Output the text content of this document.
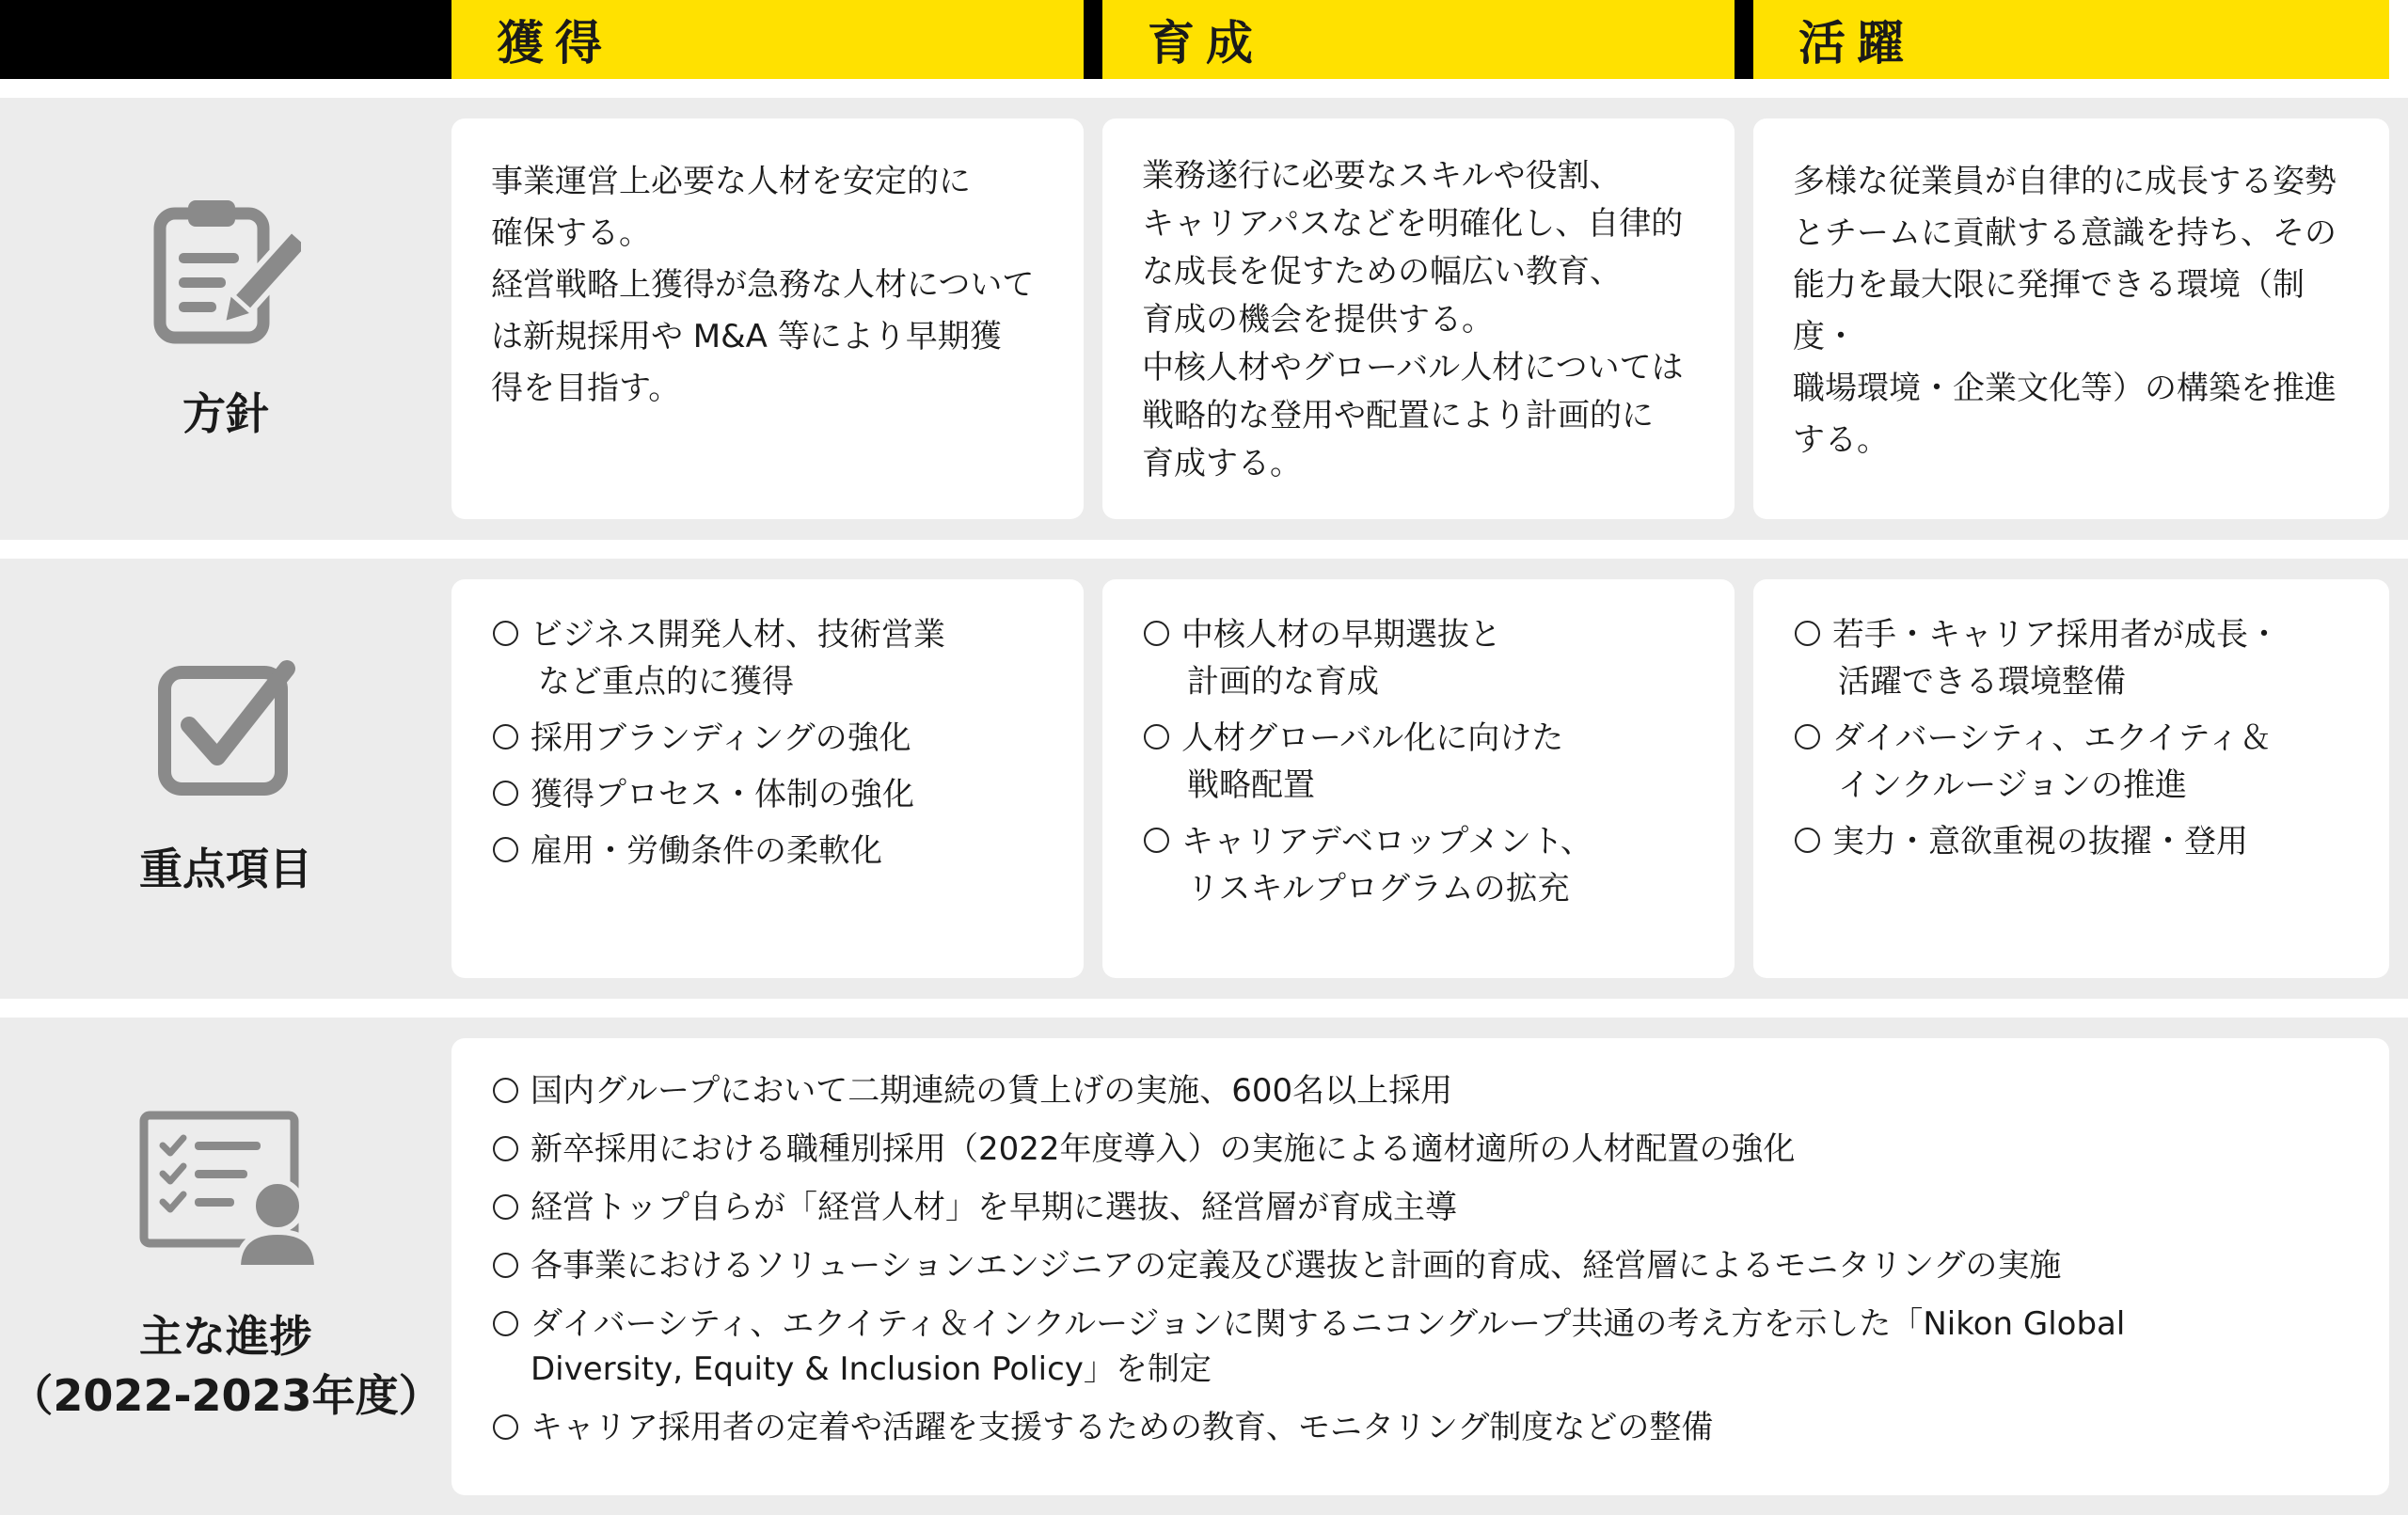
獲得	育成	活躍
方針

事業運営上必要な人材を安定的に

確保する。

経営戦略上獲得が急務な人材について

は新規採用や M&A 等により早期獲

得を目指す。

業務遂行に必要なスキルや役割、

キャリアパスなどを明確化し、自律的

な成長を促すための幅広い教育、

育成の機会を提供する。

中核人材やグローバル人材については

戦略的な登用や配置により計画的に

育成する。

多様な従業員が自律的に成長する姿勢

とチームに貢献する意識を持ち、その

能力を最大限に発揮できる環境（制度・

職場環境・企業文化等）の構築を推進

する。

重点項目
ビジネス開発人材、技術営業
など重点的に獲得
採用ブランディングの強化
獲得プロセス・体制の強化
雇用・労働条件の柔軟化
中核人材の早期選抜と
計画的な育成
人材グローバル化に向けた
戦略配置
キャリアデベロップメント、
リスキルプログラムの拡充
若手・キャリア採用者が成長・
活躍できる環境整備
ダイバーシティ、エクイティ＆
インクルージョンの推進
実力・意欲重視の抜擢・登用
主な進捗
（2022-2023年度）
国内グループにおいて二期連続の賃上げの実施、600名以上採用
新卒採用における職種別採用（2022年度導入）の実施による適材適所の人材配置の強化
経営トップ自らが「経営人材」を早期に選抜、経営層が育成主導
各事業におけるソリューションエンジニアの定義及び選抜と計画的育成、経営層によるモニタリングの実施
ダイバーシティ、エクイティ＆インクルージョンに関するニコングループ共通の考え方を示した「Nikon Global
Diversity, Equity & Inclusion Policy」を制定
キャリア採用者の定着や活躍を支援するための教育、モニタリング制度などの整備
